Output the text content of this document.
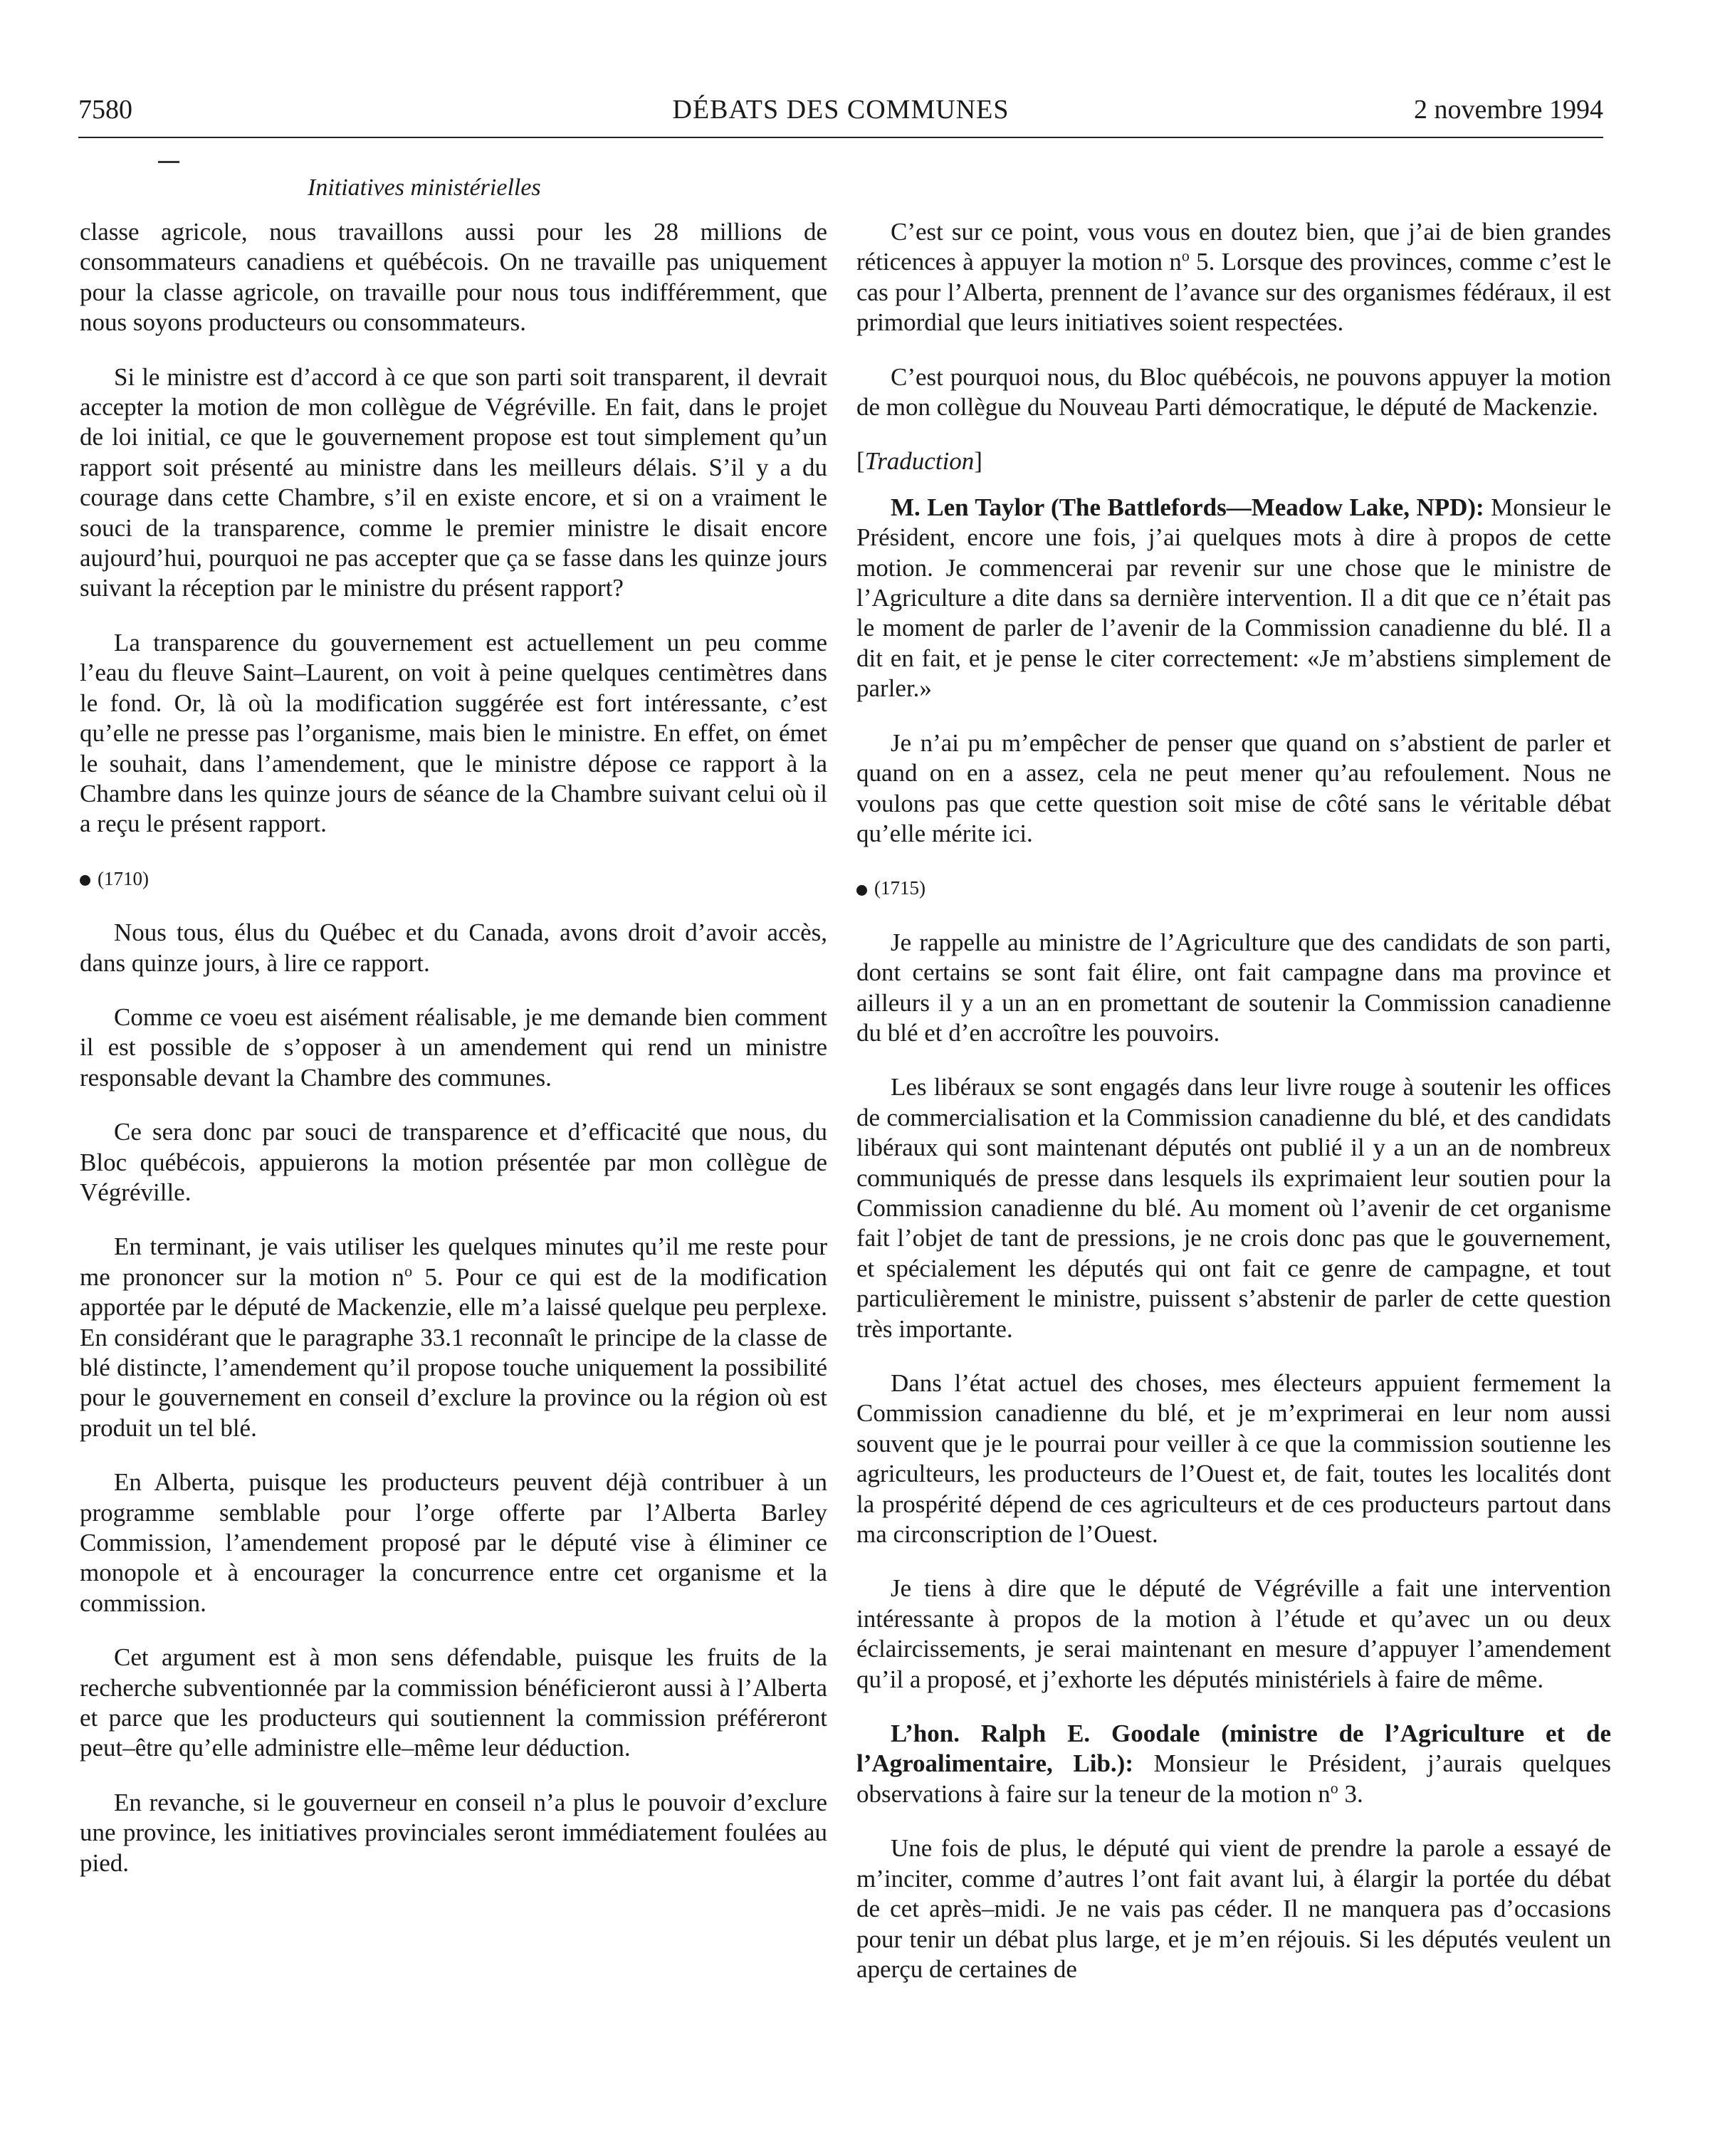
7580	DÉBATS DES COMMUNES	2 novembre 1994
Initiatives ministérielles

classe agricole, nous travaillons aussi pour les 28 millions de consommateurs canadiens et québécois. On ne travaille pas uniquement pour la classe agricole, on travaille pour nous tous indifféremment, que nous soyons producteurs ou consommateurs.

Si le ministre est d’accord à ce que son parti soit transparent, il devrait accepter la motion de mon collègue de Végréville. En fait, dans le projet de loi initial, ce que le gouvernement propose est tout simplement qu’un rapport soit présenté au ministre dans les meilleurs délais. S’il y a du courage dans cette Chambre, s’il en existe encore, et si on a vraiment le souci de la transparence, comme le premier ministre le disait encore aujourd’hui, pourquoi ne pas accepter que ça se fasse dans les quinze jours suivant la réception par le ministre du présent rapport?

La transparence du gouvernement est actuellement un peu comme l’eau du fleuve Saint–Laurent, on voit à peine quelques centimètres dans le fond. Or, là où la modification suggérée est fort intéressante, c’est qu’elle ne presse pas l’organisme, mais bien le ministre. En effet, on émet le souhait, dans l’amendement, que le ministre dépose ce rapport à la Chambre dans les quinze jours de séance de la Chambre suivant celui où il a reçu le présent rapport.

(1710)

Nous tous, élus du Québec et du Canada, avons droit d’avoir accès, dans quinze jours, à lire ce rapport.

Comme ce voeu est aisément réalisable, je me demande bien comment il est possible de s’opposer à un amendement qui rend un ministre responsable devant la Chambre des communes.

Ce sera donc par souci de transparence et d’efficacité que nous, du Bloc québécois, appuierons la motion présentée par mon collègue de Végréville.

En terminant, je vais utiliser les quelques minutes qu’il me reste pour me prononcer sur la motion $n^o$ 5. Pour ce qui est de la modification apportée par le député de Mackenzie, elle m’a laissé quelque peu perplexe. En considérant que le paragraphe 33.1 reconnaît le principe de la classe de blé distincte, l’amendement qu’il propose touche uniquement la possibilité pour le gouvernement en conseil d’exclure la province ou la région où est produit un tel blé.

En Alberta, puisque les producteurs peuvent déjà contribuer à un programme semblable pour l’orge offerte par l’Alberta Barley Commission, l’amendement proposé par le député vise à éliminer ce monopole et à encourager la concurrence entre cet organisme et la commission.

Cet argument est à mon sens défendable, puisque les fruits de la recherche subventionnée par la commission bénéficieront aussi à l’Alberta et parce que les producteurs qui soutiennent la commission préféreront peut–être qu’elle administre elle–même leur déduction.

En revanche, si le gouverneur en conseil n’a plus le pouvoir d’exclure une province, les initiatives provinciales seront immédiatement foulées au pied.

C’est sur ce point, vous vous en doutez bien, que j’ai de bien grandes réticences à appuyer la motion $n^o$ 5. Lorsque des provinces, comme c’est le cas pour l’Alberta, prennent de l’avance sur des organismes fédéraux, il est primordial que leurs initiatives soient respectées.

C’est pourquoi nous, du Bloc québécois, ne pouvons appuyer la motion de mon collègue du Nouveau Parti démocratique, le député de Mackenzie.

[Traduction]

M. Len Taylor (The Battlefords—Meadow Lake, NPD): Monsieur le Président, encore une fois, j’ai quelques mots à dire à propos de cette motion. Je commencerai par revenir sur une chose que le ministre de l’Agriculture a dite dans sa dernière intervention. Il a dit que ce n’était pas le moment de parler de l’avenir de la Commission canadienne du blé. Il a dit en fait, et je pense le citer correctement: «Je m’abstiens simplement de parler.»

Je n’ai pu m’empêcher de penser que quand on s’abstient de parler et quand on en a assez, cela ne peut mener qu’au refoulement. Nous ne voulons pas que cette question soit mise de côté sans le véritable débat qu’elle mérite ici.

(1715)

Je rappelle au ministre de l’Agriculture que des candidats de son parti, dont certains se sont fait élire, ont fait campagne dans ma province et ailleurs il y a un an en promettant de soutenir la Commission canadienne du blé et d’en accroître les pouvoirs.

Les libéraux se sont engagés dans leur livre rouge à soutenir les offices de commercialisation et la Commission canadienne du blé, et des candidats libéraux qui sont maintenant députés ont publié il y a un an de nombreux communiqués de presse dans lesquels ils exprimaient leur soutien pour la Commission canadienne du blé. Au moment où l’avenir de cet organisme fait l’objet de tant de pressions, je ne crois donc pas que le gouvernement, et spécialement les députés qui ont fait ce genre de campagne, et tout particulièrement le ministre, puissent s’abstenir de parler de cette question très importante.

Dans l’état actuel des choses, mes électeurs appuient fermement la Commission canadienne du blé, et je m’exprimerai en leur nom aussi souvent que je le pourrai pour veiller à ce que la commission soutienne les agriculteurs, les producteurs de l’Ouest et, de fait, toutes les localités dont la prospérité dépend de ces agriculteurs et de ces producteurs partout dans ma circonscription de l’Ouest.

Je tiens à dire que le député de Végréville a fait une intervention intéressante à propos de la motion à l’étude et qu’avec un ou deux éclaircissements, je serai maintenant en mesure d’appuyer l’amendement qu’il a proposé, et j’exhorte les députés ministériels à faire de même.

L’hon. Ralph E. Goodale (ministre de l’Agriculture et de l’Agroalimentaire, Lib.): Monsieur le Président, j’aurais quelques observations à faire sur la teneur de la motion $n^o$ 3.

Une fois de plus, le député qui vient de prendre la parole a essayé de m’inciter, comme d’autres l’ont fait avant lui, à élargir la portée du débat de cet après–midi. Je ne vais pas céder. Il ne manquera pas d’occasions pour tenir un débat plus large, et je m’en réjouis. Si les députés veulent un aperçu de certaines de
